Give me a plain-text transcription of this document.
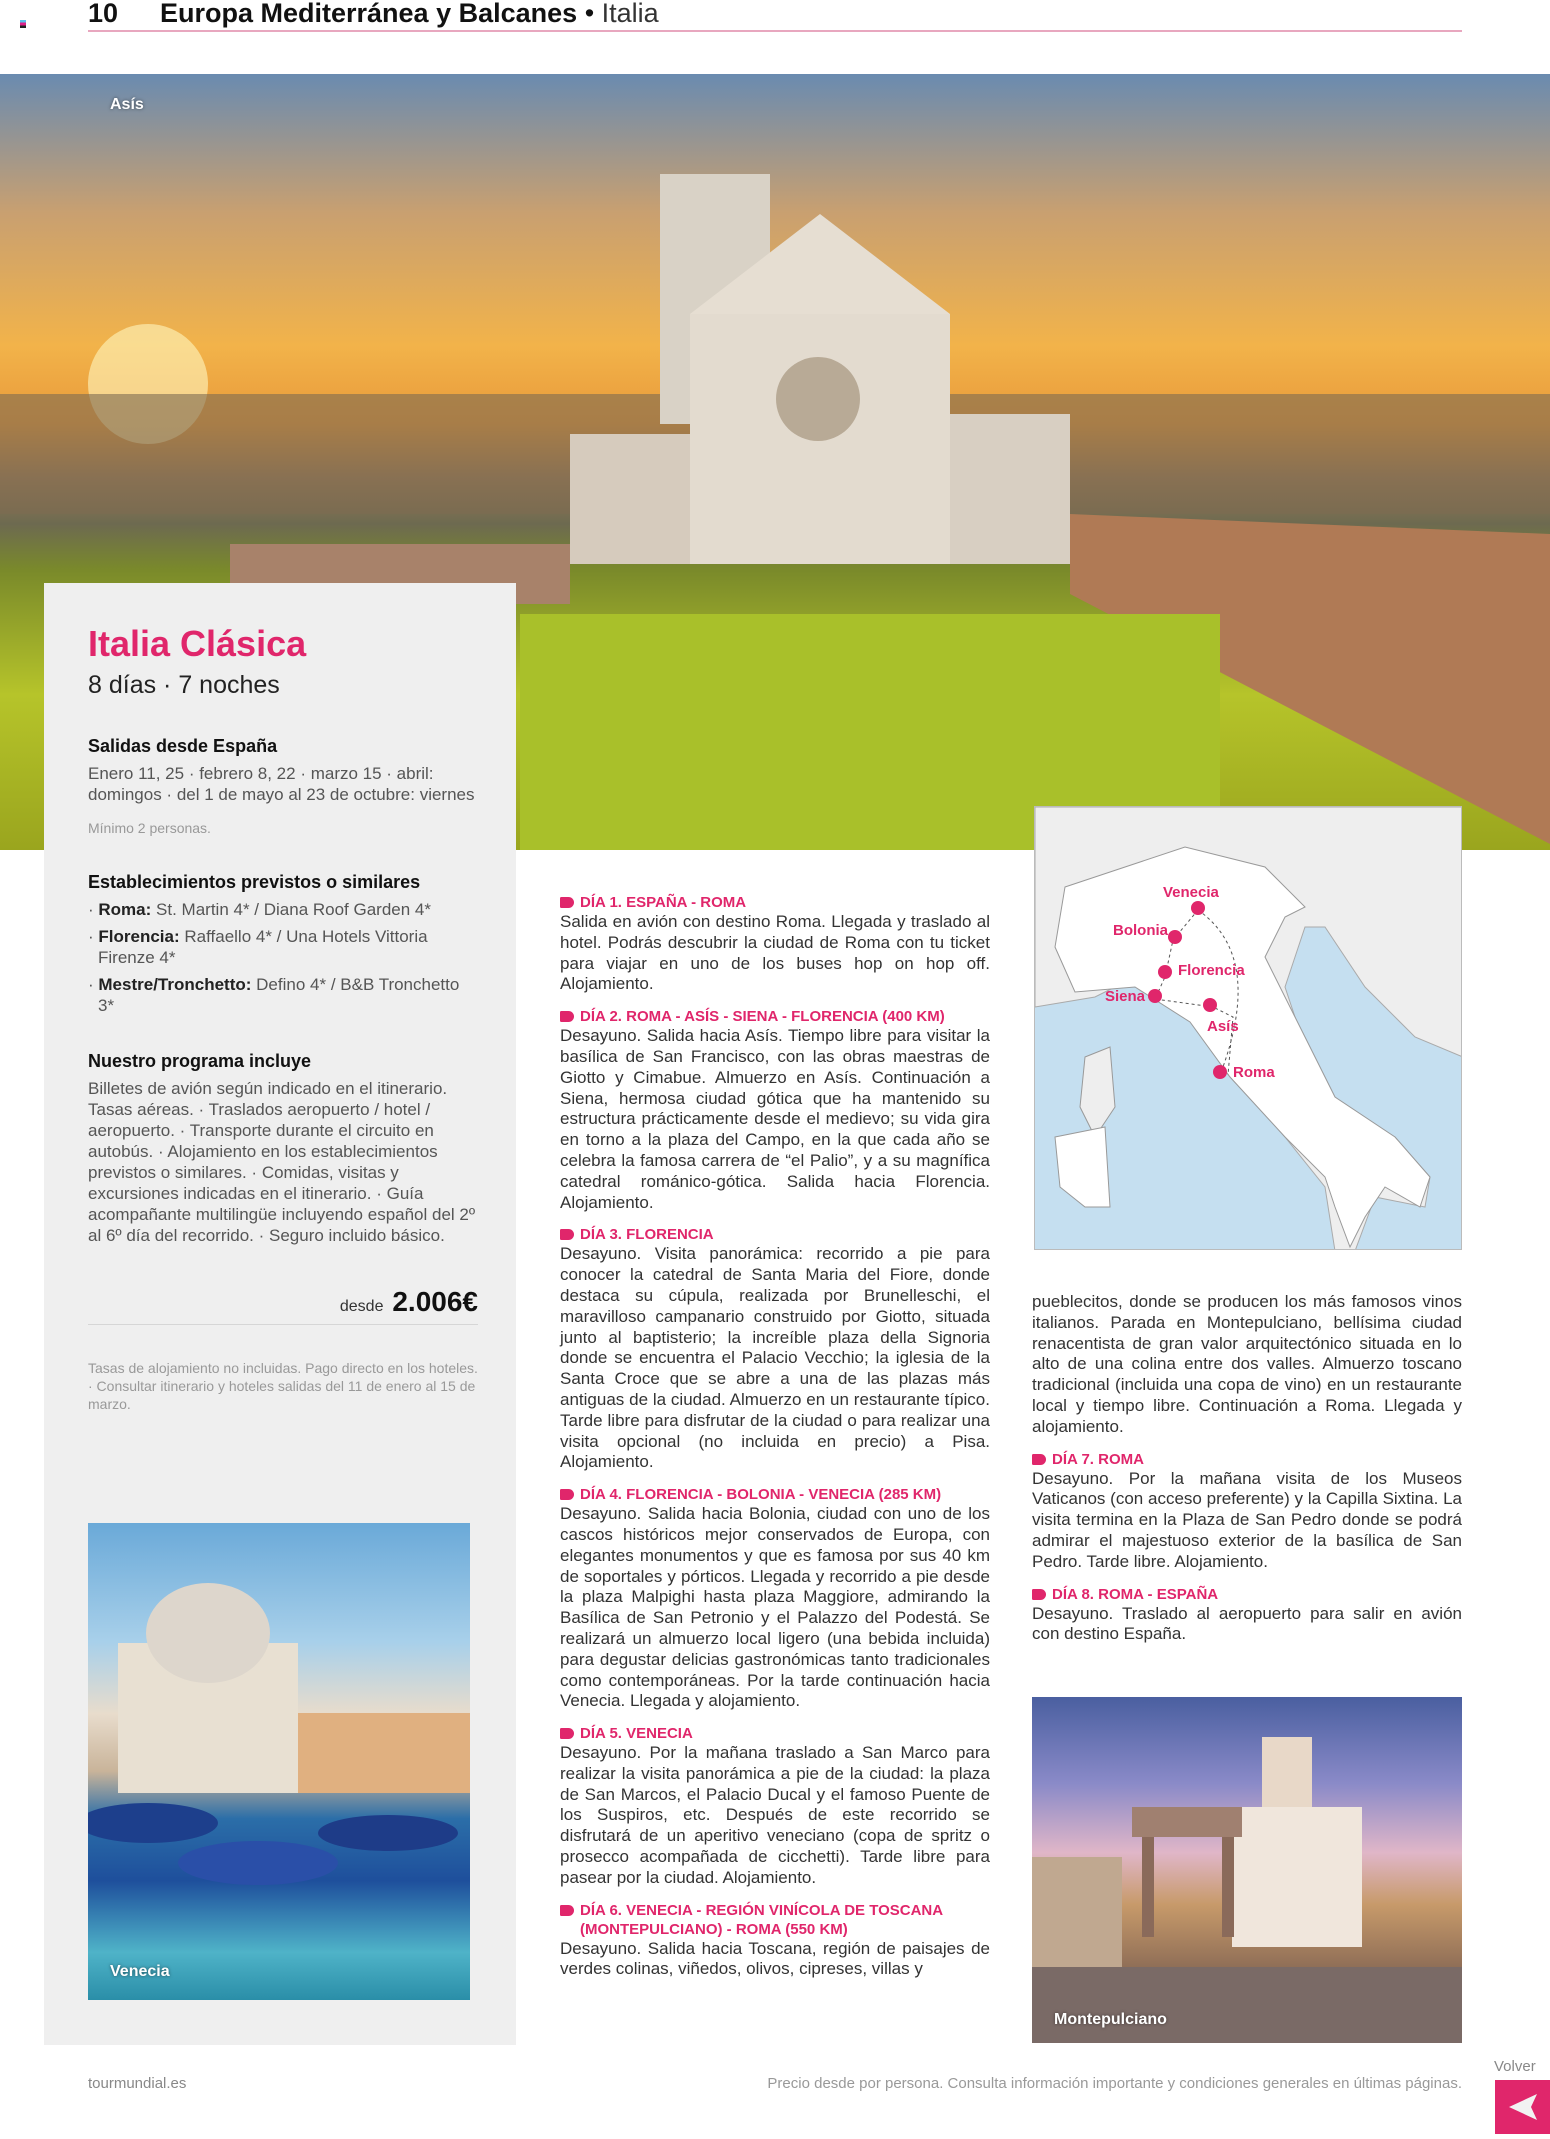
10 Europa Mediterránea y Balcanes • Italia
Asís
Italia Clásica
8 días · 7 noches
Salidas desde España
Enero 11, 25 · febrero 8, 22 · marzo 15 · abril: domingos · del 1 de mayo al 23 de octubre: viernes
Mínimo 2 personas.
Establecimientos previstos o similares
· Roma: St. Martin 4* / Diana Roof Garden 4*
· Florencia: Raffaello 4* / Una Hotels Vittoria Firenze 4*
· Mestre/Tronchetto: Defino 4* / B&B Tronchetto 3*
Nuestro programa incluye
Billetes de avión según indicado en el itinerario. Tasas aéreas. · Traslados aeropuerto / hotel / aeropuerto. · Transporte durante el circuito en autobús. · Alojamiento en los establecimientos previstos o similares. · Comidas, visitas y excursiones indicadas en el itinerario. · Guía acompañante multilingüe incluyendo español del 2º al 6º día del recorrido. · Seguro incluido básico.
desde 2.006€
Tasas de alojamiento no incluidas. Pago directo en los hoteles. · Consultar itinerario y hoteles salidas del 11 de enero al 15 de marzo.
Venecia
DÍA 1. ESPAÑA - ROMA
Salida en avión con destino Roma. Llegada y traslado al hotel. Podrás descubrir la ciudad de Roma con tu ticket para viajar en uno de los buses hop on hop off. Alojamiento.
DÍA 2. ROMA - ASÍS - SIENA - FLORENCIA (400 KM)
Desayuno. Salida hacia Asís. Tiempo libre para visitar la basílica de San Francisco, con las obras maestras de Giotto y Cimabue. Almuerzo en Asís. Continuación a Siena, hermosa ciudad gótica que ha mantenido su estructura prácticamente desde el medievo; su vida gira en torno a la plaza del Campo, en la que cada año se celebra la famosa carrera de “el Palio”, y a su magnífica catedral románico-gótica. Salida hacia Florencia. Alojamiento.
DÍA 3. FLORENCIA
Desayuno. Visita panorámica: recorrido a pie para conocer la catedral de Santa Maria del Fiore, donde destaca su cúpula, realizada por Brunelleschi, el maravilloso campanario construido por Giotto, situada junto al baptisterio; la increíble plaza della Signoria donde se encuentra el Palacio Vecchio; la iglesia de la Santa Croce que se abre a una de las plazas más antiguas de la ciudad. Almuerzo en un restaurante típico. Tarde libre para disfrutar de la ciudad o para realizar una visita opcional (no incluida en precio) a Pisa. Alojamiento.
DÍA 4. FLORENCIA - BOLONIA - VENECIA (285 KM)
Desayuno. Salida hacia Bolonia, ciudad con uno de los cascos históricos mejor conservados de Europa, con elegantes monumentos y que es famosa por sus 40 km de soportales y pórticos. Llegada y recorrido a pie desde la plaza Malpighi hasta plaza Maggiore, admirando la Basílica de San Petronio y el Palazzo del Podestá. Se realizará un almuerzo local ligero (una bebida incluida) para degustar delicias gastronómicas tanto tradicionales como contemporáneas. Por la tarde continuación hacia Venecia. Llegada y alojamiento.
DÍA 5. VENECIA
Desayuno. Por la mañana traslado a San Marco para realizar la visita panorámica a pie de la ciudad: la plaza de San Marcos, el Palacio Ducal y el famoso Puente de los Suspiros, etc. Después de este recorrido se disfrutará de un aperitivo veneciano (copa de spritz o prosecco acompañada de cicchetti). Tarde libre para pasear por la ciudad. Alojamiento.
DÍA 6. VENECIA - REGIÓN VINÍCOLA DE TOSCANA (MONTEPULCIANO) - ROMA (550 KM)
Desayuno. Salida hacia Toscana, región de paisajes de verdes colinas, viñedos, olivos, cipreses, villas y
Venecia
Bolonia
Florencia
Siena
Asís
Roma
pueblecitos, donde se producen los más famosos vinos italianos. Parada en Montepulciano, bellísima ciudad renacentista de gran valor arquitectónico situada en lo alto de una colina entre dos valles. Almuerzo toscano tradicional (incluida una copa de vino) en un restaurante local y tiempo libre. Continuación a Roma. Llegada y alojamiento.
DÍA 7. ROMA
Desayuno. Por la mañana visita de los Museos Vaticanos (con acceso preferente) y la Capilla Sixtina. La visita termina en la Plaza de San Pedro donde se podrá admirar el majestuoso exterior de la basílica de San Pedro. Tarde libre. Alojamiento.
DÍA 8. ROMA - ESPAÑA
Desayuno. Traslado al aeropuerto para salir en avión con destino España.
Montepulciano
tourmundial.es	Precio desde por persona. Consulta información importante y condiciones generales en últimas páginas.
Volver
